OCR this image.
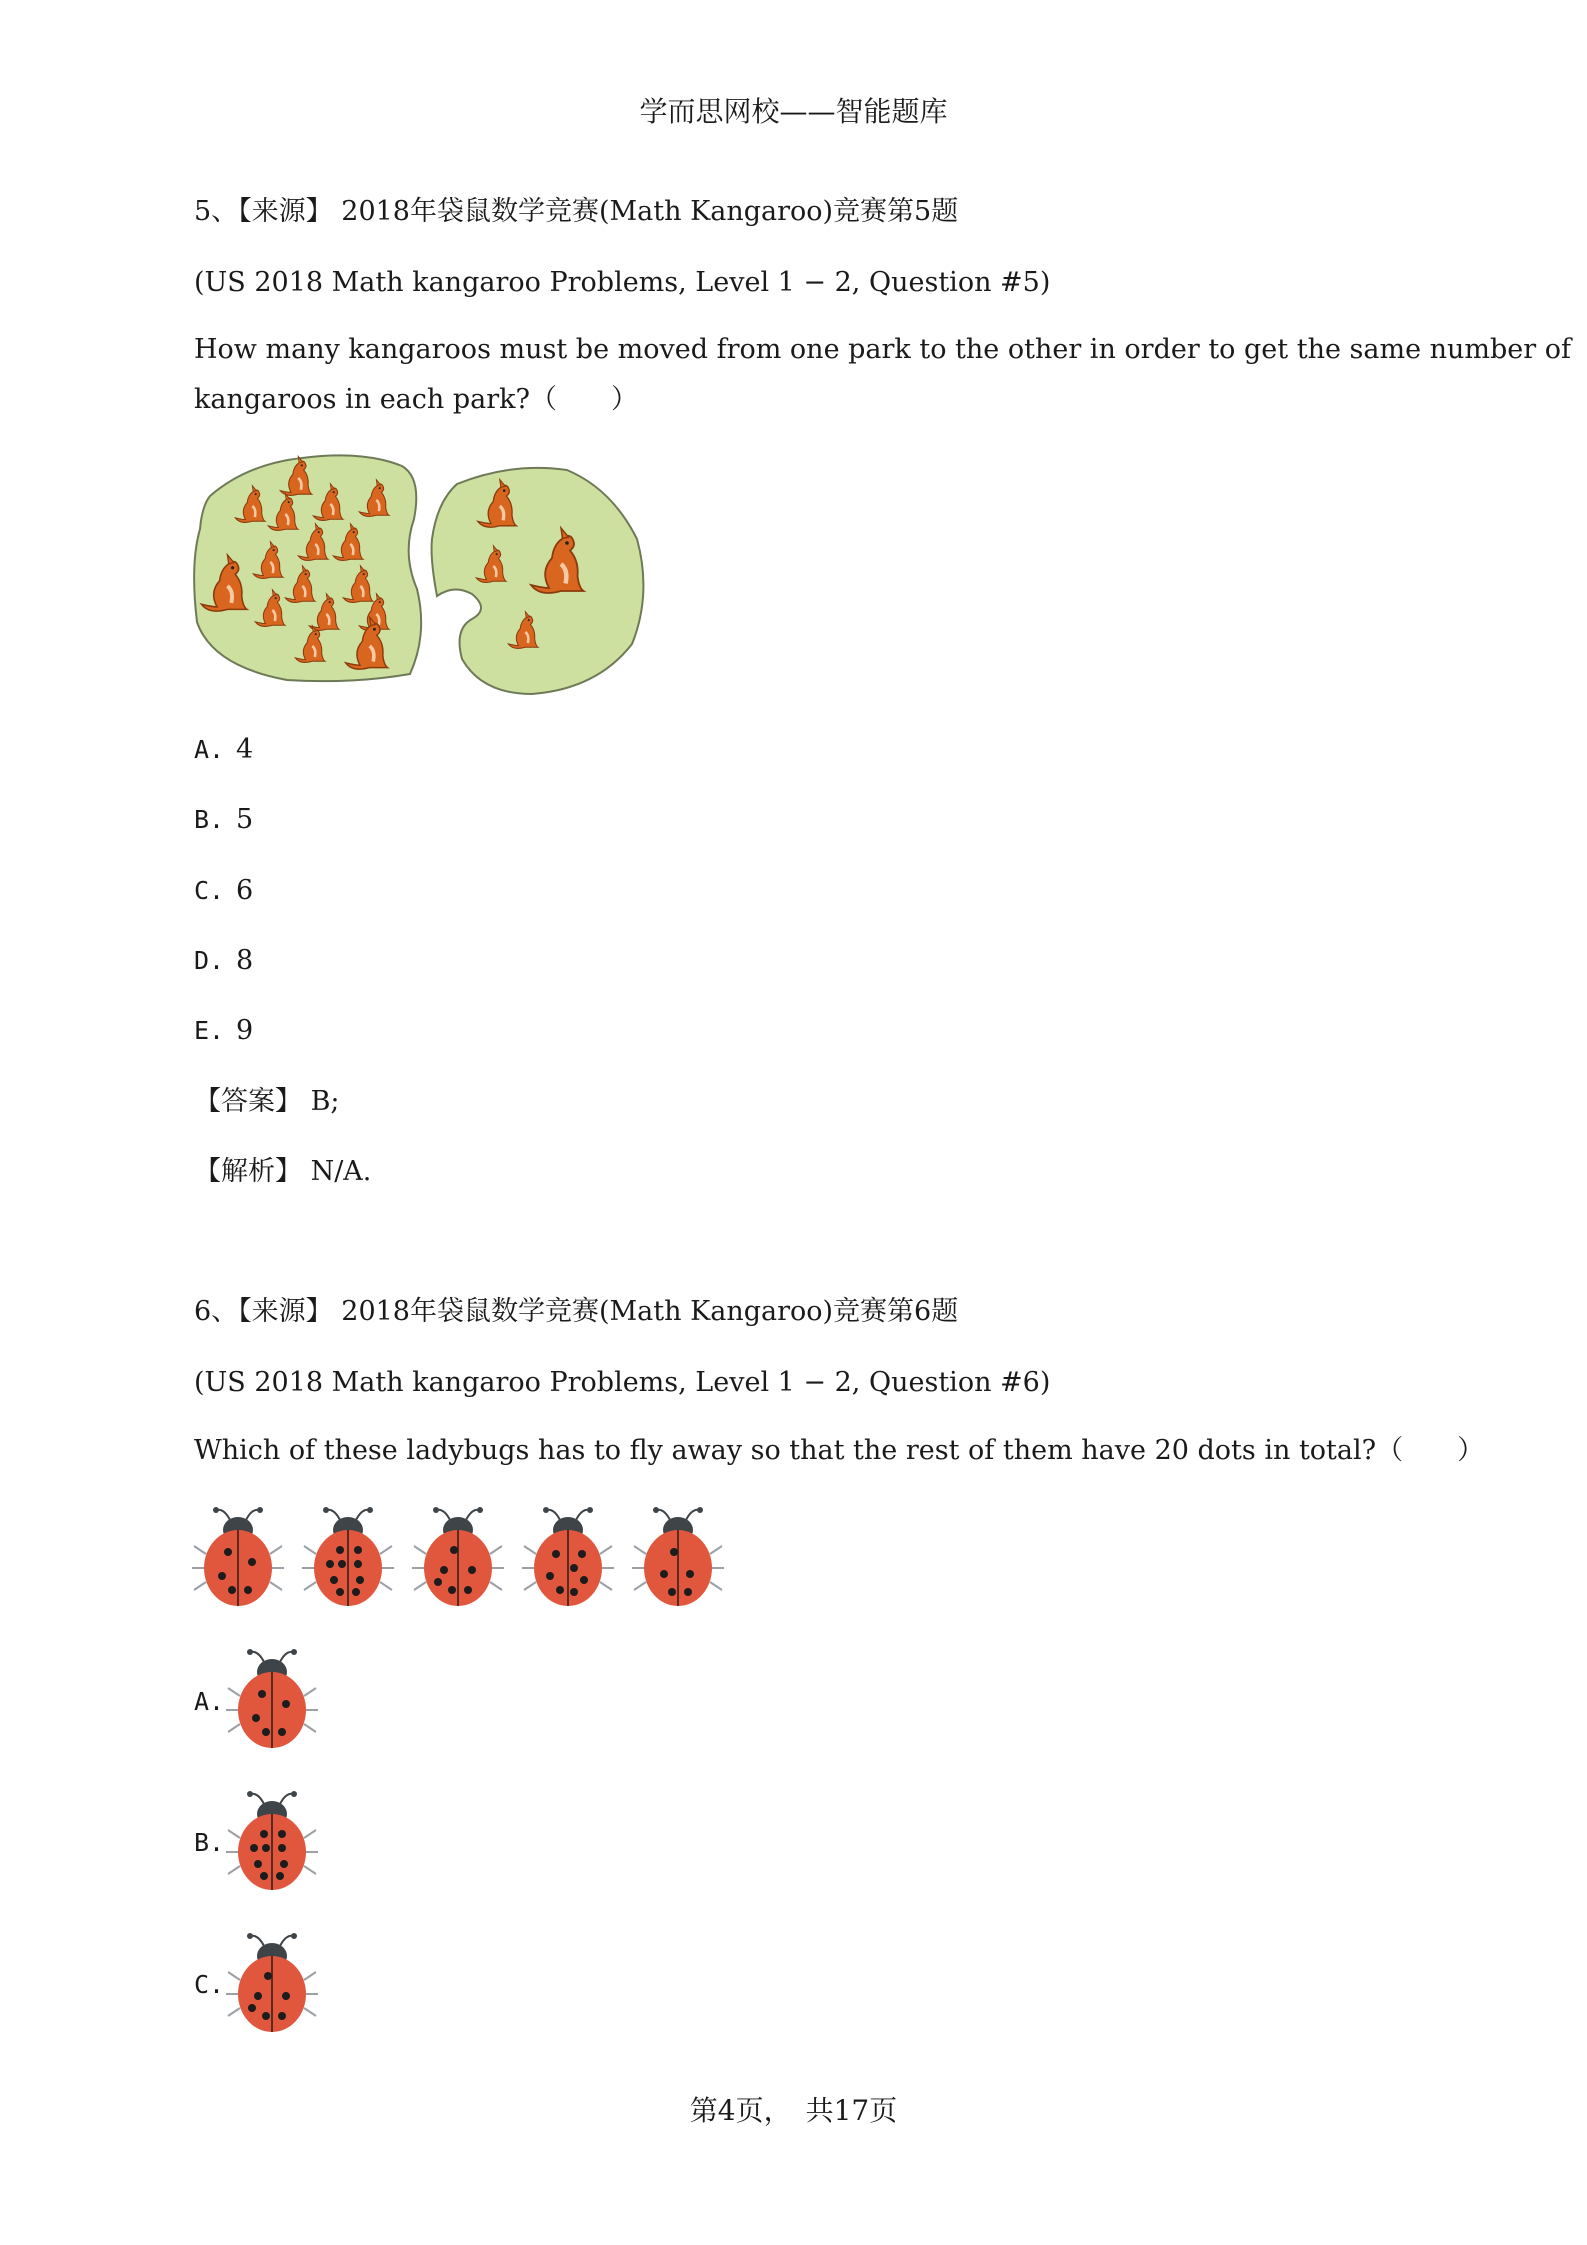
学而思网校——智能题库
5、【来源】 2018年袋鼠数学竞赛(Math Kangaroo)竞赛第5题
(US 2018 Math kangaroo Problems, Level 1 − 2, Question #5)
How many kangaroos must be moved from one park to the other in order to get the same number of
kangaroos in each park?（　　）
A. 4
B. 5
C. 6
D. 8
E. 9
【答案】 B;
【解析】 N/A.
6、【来源】 2018年袋鼠数学竞赛(Math Kangaroo)竞赛第6题
(US 2018 Math kangaroo Problems, Level 1 − 2, Question #6)
Which of these ladybugs has to fly away so that the rest of them have 20 dots in total?（　　）
A.
B.
C.
第4页，　共17页
